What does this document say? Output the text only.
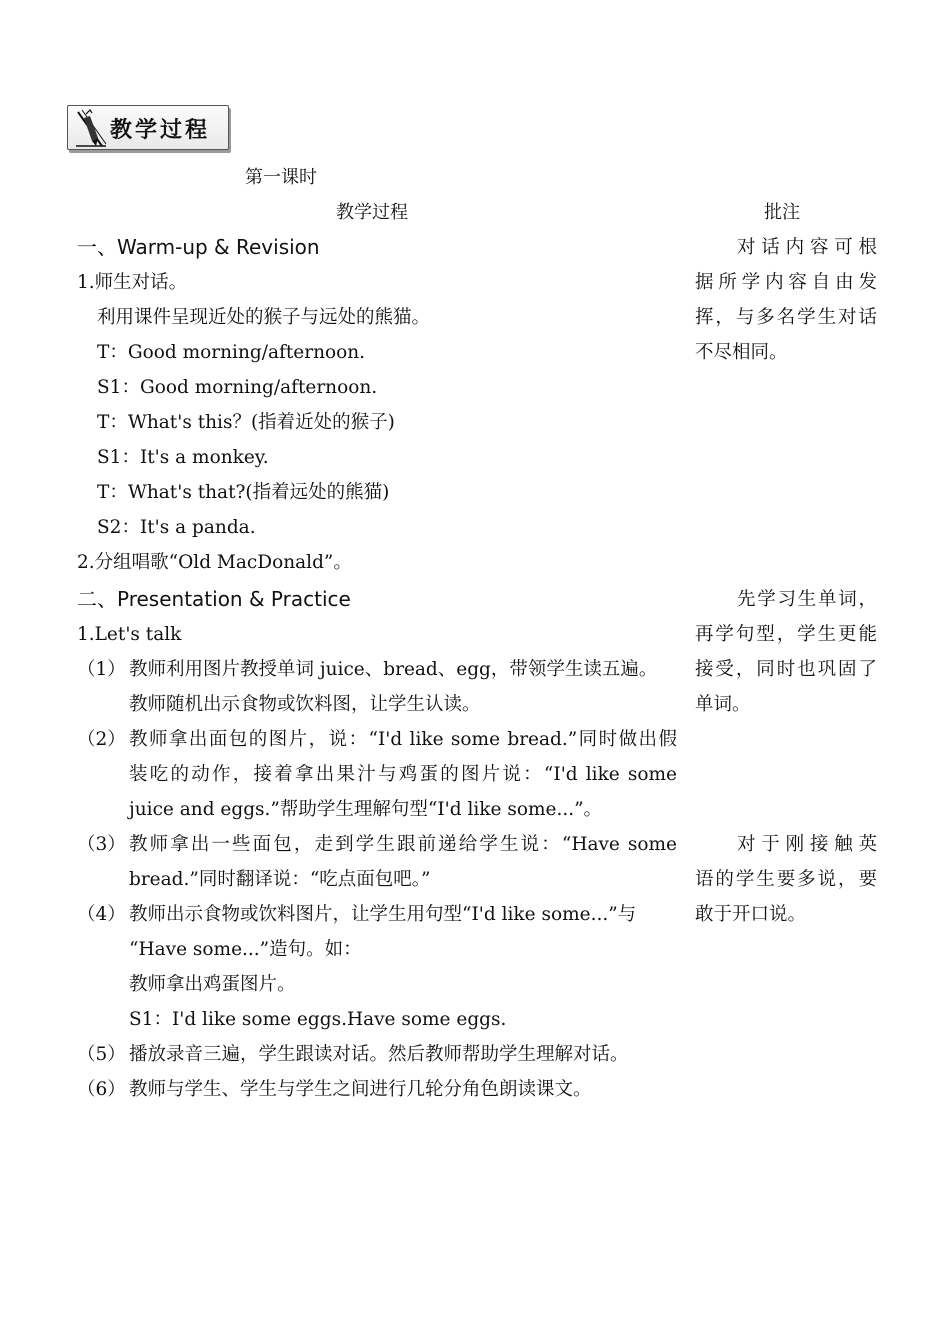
教学过程
第一课时
教学过程	批注
一、Warm-up & Revision
1.师生对话。
利用课件呈现近处的猴子与远处的熊猫。
T：Good morning/afternoon.
S1：Good morning/afternoon.
T：What's this？(指着近处的猴子)
S1：It's a monkey.
T：What's that?(指着远处的熊猫)
S2：It's a panda.
2.分组唱歌“Old MacDonald”。
二、Presentation & Practice
1.Let's talk
（1） 教师利用图片教授单词 juice、bread、egg，带领学生读五遍。
教师随机出示食物或饮料图，让学生认读。
（2） 教师拿出面包的图片，说：“I'd like some bread.”同时做出假
装吃的动作，接着拿出果汁与鸡蛋的图片说：“I'd like some
juice and eggs.”帮助学生理解句型“I'd like some...”。
（3） 教师拿出一些面包，走到学生跟前递给学生说：“Have some
bread.”同时翻译说：“吃点面包吧。”
（4） 教师出示食物或饮料图片，让学生用句型“I'd like some...”与
“Have some...”造句。如：
教师拿出鸡蛋图片。
S1：I'd like some eggs.Have some eggs.
（5） 播放录音三遍，学生跟读对话。然后教师帮助学生理解对话。
（6） 教师与学生、学生与学生之间进行几轮分角色朗读课文。
对话内容可根
据所学内容自由发
挥，与多名学生对话
不尽相同。
先学习生单词，
再学句型，学生更能
接受，同时也巩固了
单词。
对于刚接触英
语的学生要多说，要
敢于开口说。
